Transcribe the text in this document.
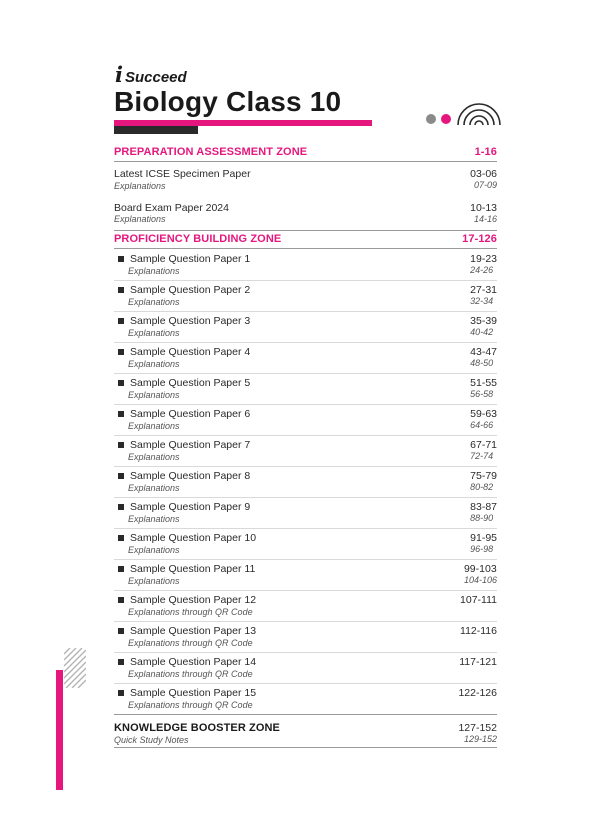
i Succeed
Biology Class 10
PREPARATION ASSESSMENT ZONE	1-16
Latest ICSE Specimen Paper
Explanations
03-06
07-09
Board Exam Paper 2024
Explanations
10-13
14-16
PROFICIENCY BUILDING ZONE	17-126
Sample Question Paper 1
Explanations
19-23
24-26
Sample Question Paper 2
Explanations
27-31
32-34
Sample Question Paper 3
Explanations
35-39
40-42
Sample Question Paper 4
Explanations
43-47
48-50
Sample Question Paper 5
Explanations
51-55
56-58
Sample Question Paper 6
Explanations
59-63
64-66
Sample Question Paper 7
Explanations
67-71
72-74
Sample Question Paper 8
Explanations
75-79
80-82
Sample Question Paper 9
Explanations
83-87
88-90
Sample Question Paper 10
Explanations
91-95
96-98
Sample Question Paper 11
Explanations
99-103
104-106
Sample Question Paper 12
Explanations through QR Code
107-111
Sample Question Paper 13
Explanations through QR Code
112-116
Sample Question Paper 14
Explanations through QR Code
117-121
Sample Question Paper 15
Explanations through QR Code
122-126
KNOWLEDGE BOOSTER ZONE
Quick Study Notes
127-152
129-152
